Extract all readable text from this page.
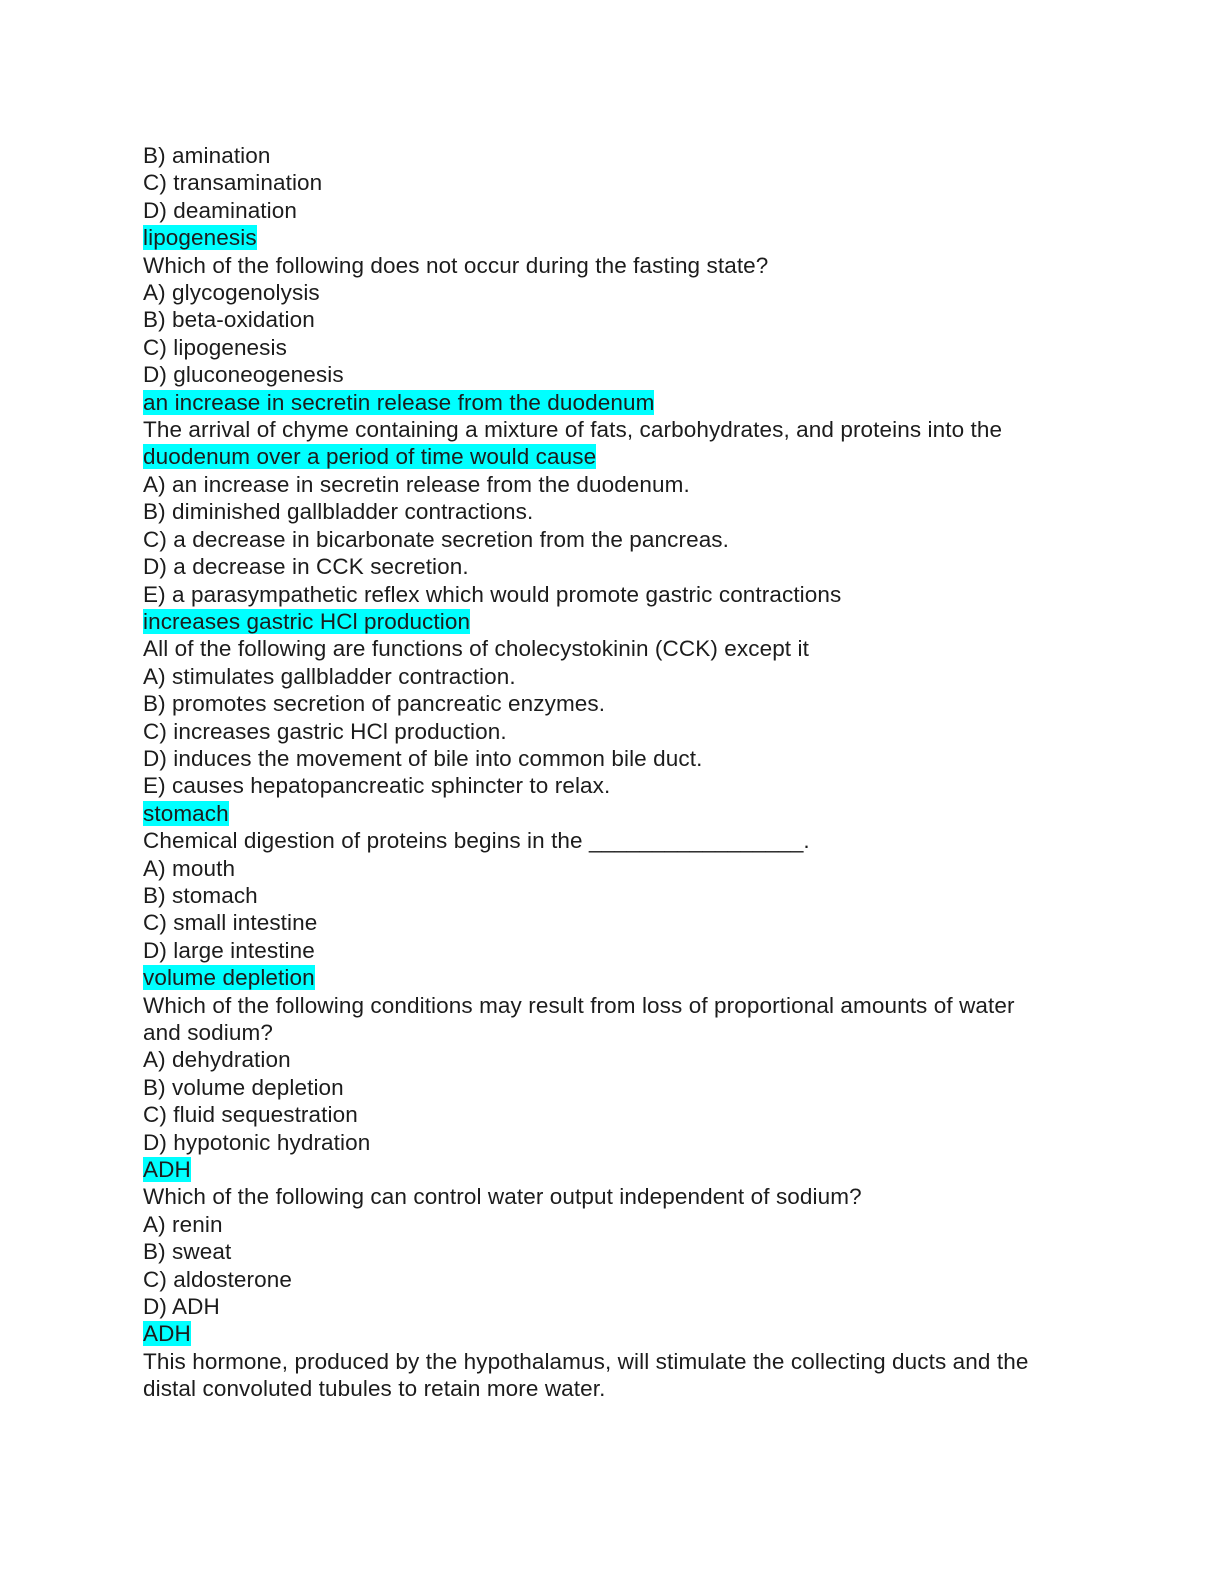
B) amination
C) transamination
D) deamination
lipogenesis
Which of the following does not occur during the fasting state?
A) glycogenolysis
B) beta-oxidation
C) lipogenesis
D) gluconeogenesis
an increase in secretin release from the duodenum
The arrival of chyme containing a mixture of fats, carbohydrates, and proteins into the
duodenum over a period of time would cause
A) an increase in secretin release from the duodenum.
B) diminished gallbladder contractions.
C) a decrease in bicarbonate secretion from the pancreas.
D) a decrease in CCK secretion.
E) a parasympathetic reflex which would promote gastric contractions
increases gastric HCl production
All of the following are functions of cholecystokinin (CCK) except it
A) stimulates gallbladder contraction.
B) promotes secretion of pancreatic enzymes.
C) increases gastric HCl production.
D) induces the movement of bile into common bile duct.
E) causes hepatopancreatic sphincter to relax.
stomach
Chemical digestion of proteins begins in the _________________.
A) mouth
B) stomach
C) small intestine
D) large intestine
volume depletion
Which of the following conditions may result from loss of proportional amounts of water
and sodium?
A) dehydration
B) volume depletion
C) fluid sequestration
D) hypotonic hydration
ADH
Which of the following can control water output independent of sodium?
A) renin
B) sweat
C) aldosterone
D) ADH
ADH
This hormone, produced by the hypothalamus, will stimulate the collecting ducts and the
distal convoluted tubules to retain more water.
